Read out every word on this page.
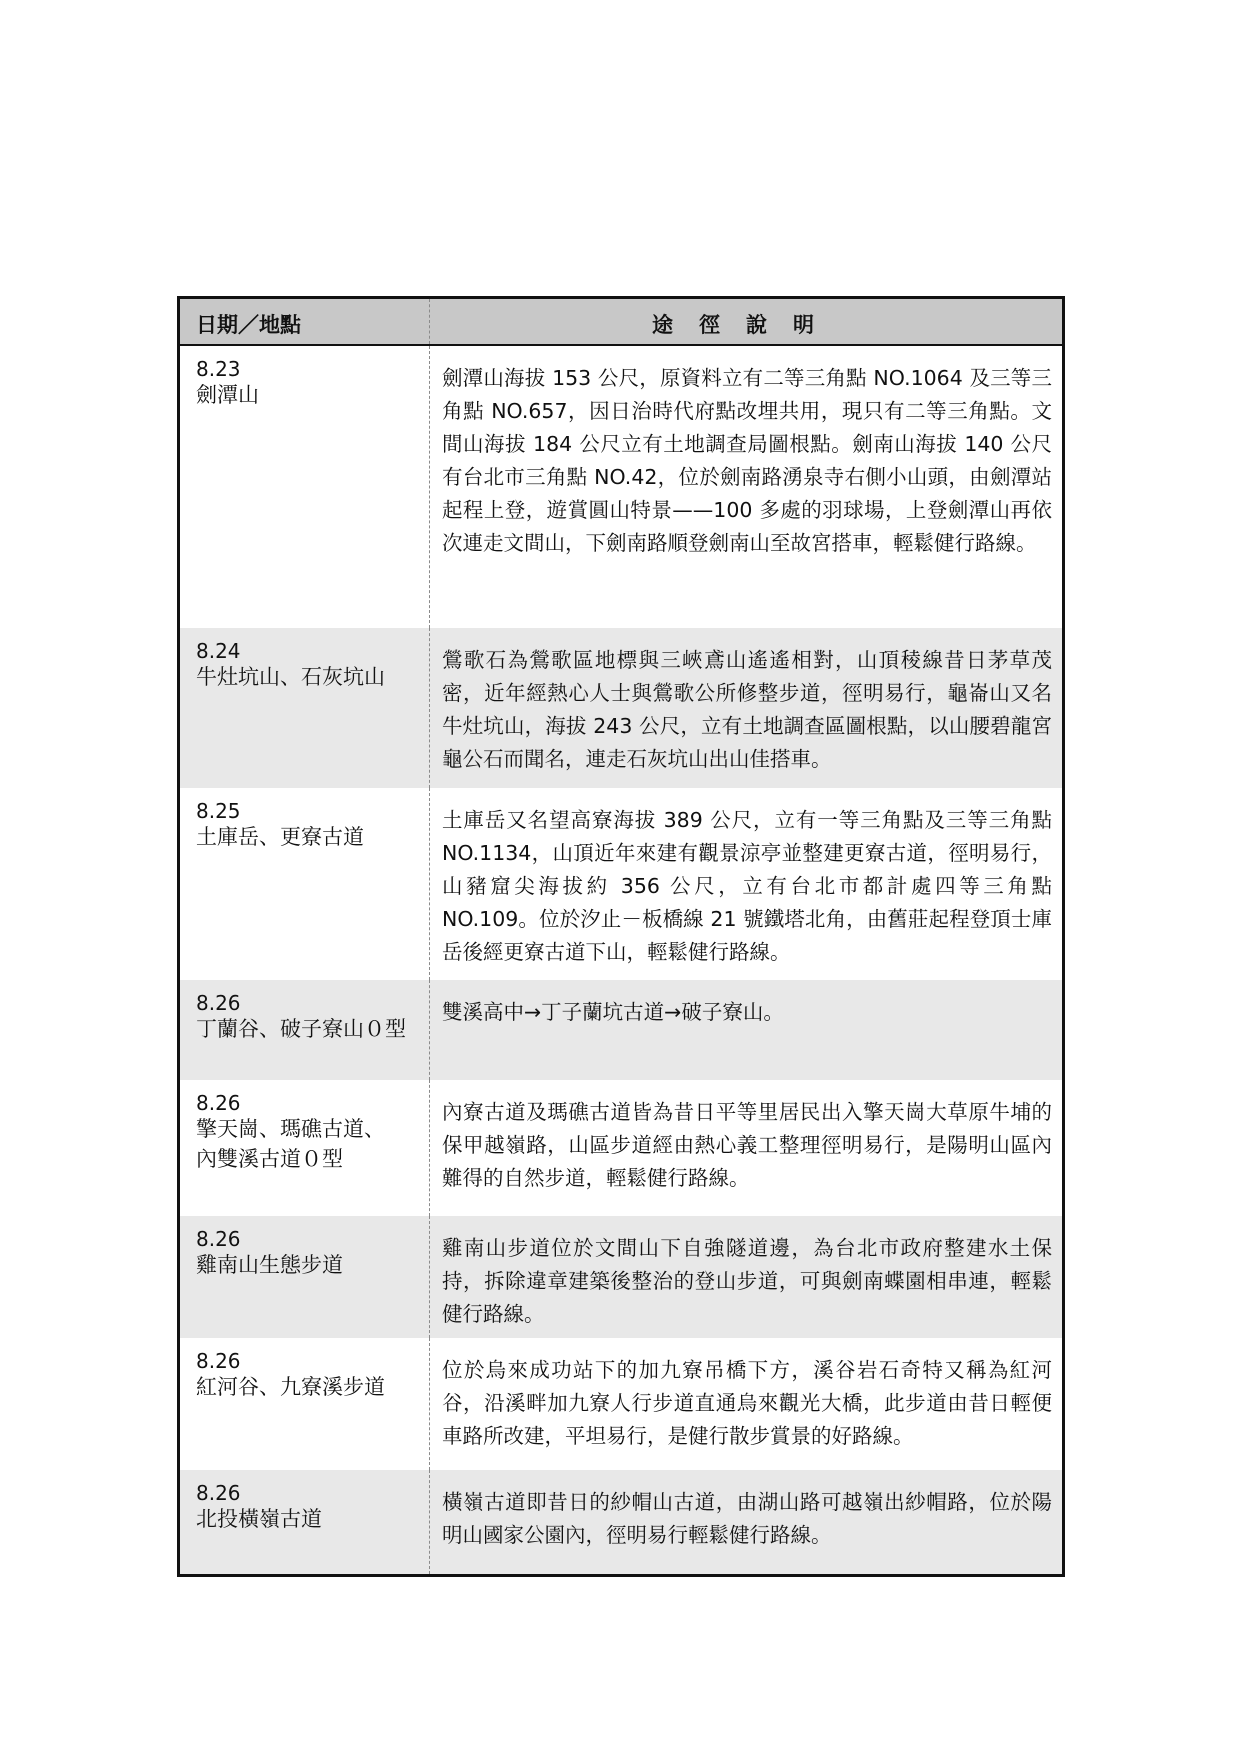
日期／地點	途徑說明
8.23
劍潭山
劍潭山海拔 153 公尺，原資料立有二等三角點 NO.1064 及三等三角點 NO.657，因日治時代府點改埋共用，現只有二等三角點。文間山海拔 184 公尺立有土地調查局圖根點。劍南山海拔 140 公尺有台北市三角點 NO.42，位於劍南路湧泉寺右側小山頭，由劍潭站起程上登，遊賞圓山特景——100 多處的羽球場，上登劍潭山再依次連走文間山，下劍南路順登劍南山至故宮搭車，輕鬆健行路線。
8.24
牛灶坑山、石灰坑山
鶯歌石為鶯歌區地標與三峽鳶山遙遙相對，山頂稜線昔日茅草茂密，近年經熱心人士與鶯歌公所修整步道，徑明易行，龜崙山又名牛灶坑山，海拔 243 公尺，立有土地調查區圖根點，以山腰碧龍宮龜公石而聞名，連走石灰坑山出山佳搭車。
8.25
土庫岳、更寮古道
土庫岳又名望高寮海拔 389 公尺，立有一等三角點及三等三角點 NO.1134，山頂近年來建有觀景涼亭並整建更寮古道，徑明易行，山豬窟尖海拔約 356 公尺，立有台北市都計處四等三角點 NO.109。位於汐止－板橋線 21 號鐵塔北角，由舊莊起程登頂士庫岳後經更寮古道下山，輕鬆健行路線。
8.26
丁蘭谷、破子寮山０型
雙溪高中→丁子蘭坑古道→破子寮山。
8.26
擎天崗、瑪礁古道、
內雙溪古道０型
內寮古道及瑪礁古道皆為昔日平等里居民出入擎天崗大草原牛埔的保甲越嶺路，山區步道經由熱心義工整理徑明易行，是陽明山區內難得的自然步道，輕鬆健行路線。
8.26
雞南山生態步道
雞南山步道位於文間山下自強隧道邊，為台北市政府整建水土保持，拆除違章建築後整治的登山步道，可與劍南蝶園相串連，輕鬆健行路線。
8.26
紅河谷、九寮溪步道
位於烏來成功站下的加九寮吊橋下方，溪谷岩石奇特又稱為紅河谷，沿溪畔加九寮人行步道直通烏來觀光大橋，此步道由昔日輕便車路所改建，平坦易行，是健行散步賞景的好路線。
8.26
北投橫嶺古道
橫嶺古道即昔日的紗帽山古道，由湖山路可越嶺出紗帽路，位於陽明山國家公園內，徑明易行輕鬆健行路線。
